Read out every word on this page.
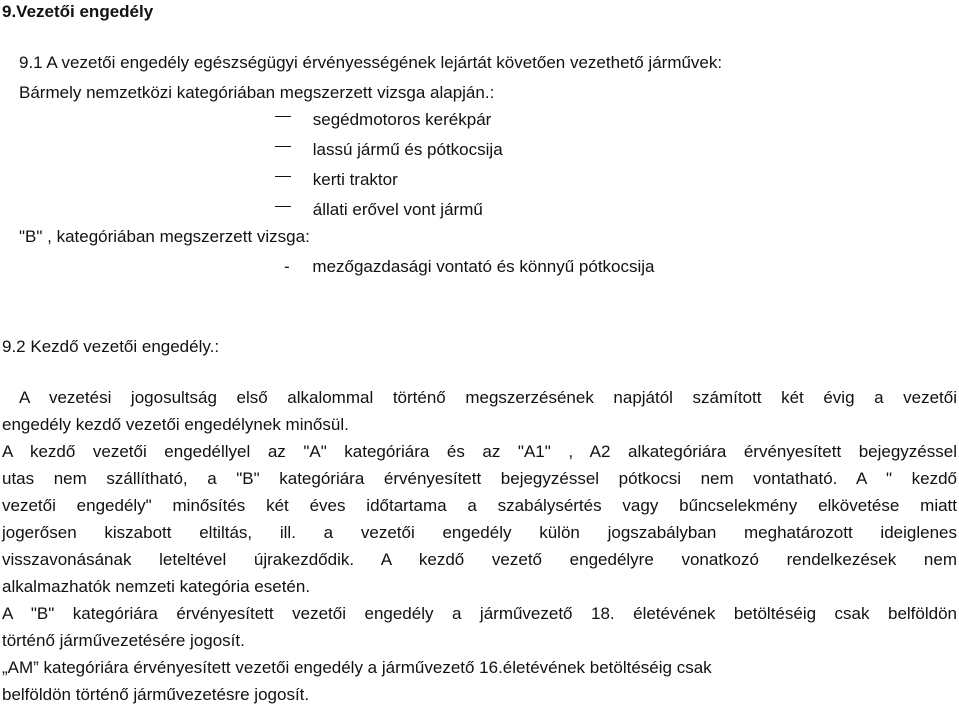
9.Vezetői engedély
9.1 A vezetői engedély egészségügyi érvényességének lejártát követően vezethető járművek:
Bármely nemzetközi kategóriában megszerzett vizsga alapján.:
segédmotoros kerékpár
lassú jármű és pótkocsija
kerti traktor
állati erővel vont jármű
"B" , kategóriában megszerzett vizsga:
- mezőgazdasági vontató és könnyű pótkocsija
9.2 Kezdő vezetői engedély.:
A vezetési jogosultság első alkalommal történő megszerzésének napjától számított két évig a vezetői
engedély kezdő vezetői engedélynek minősül.
A kezdő vezetői engedéllyel az "A" kategóriára és az "A1" , A2 alkategóriára érvényesített bejegyzéssel
utas nem szállítható, a "B" kategóriára érvényesített bejegyzéssel pótkocsi nem vontatható. A " kezdő
vezetői engedély" minősítés két éves időtartama a szabálysértés vagy bűncselekmény elkövetése miatt
jogerősen kiszabott eltiltás, ill. a vezetői engedély külön jogszabályban meghatározott ideiglenes
visszavonásának leteltével újrakezdődik. A kezdő vezető engedélyre vonatkozó rendelkezések nem
alkalmazhatók nemzeti kategória esetén.
A "B" kategóriára érvényesített vezetői engedély a járművezető 18. életévének betöltéséig csak belföldön
történő járművezetésére jogosít.
„AM” kategóriára érvényesített vezetői engedély a járművezető 16.életévének betöltéséig csak
belföldön történő járművezetésre jogosít.
